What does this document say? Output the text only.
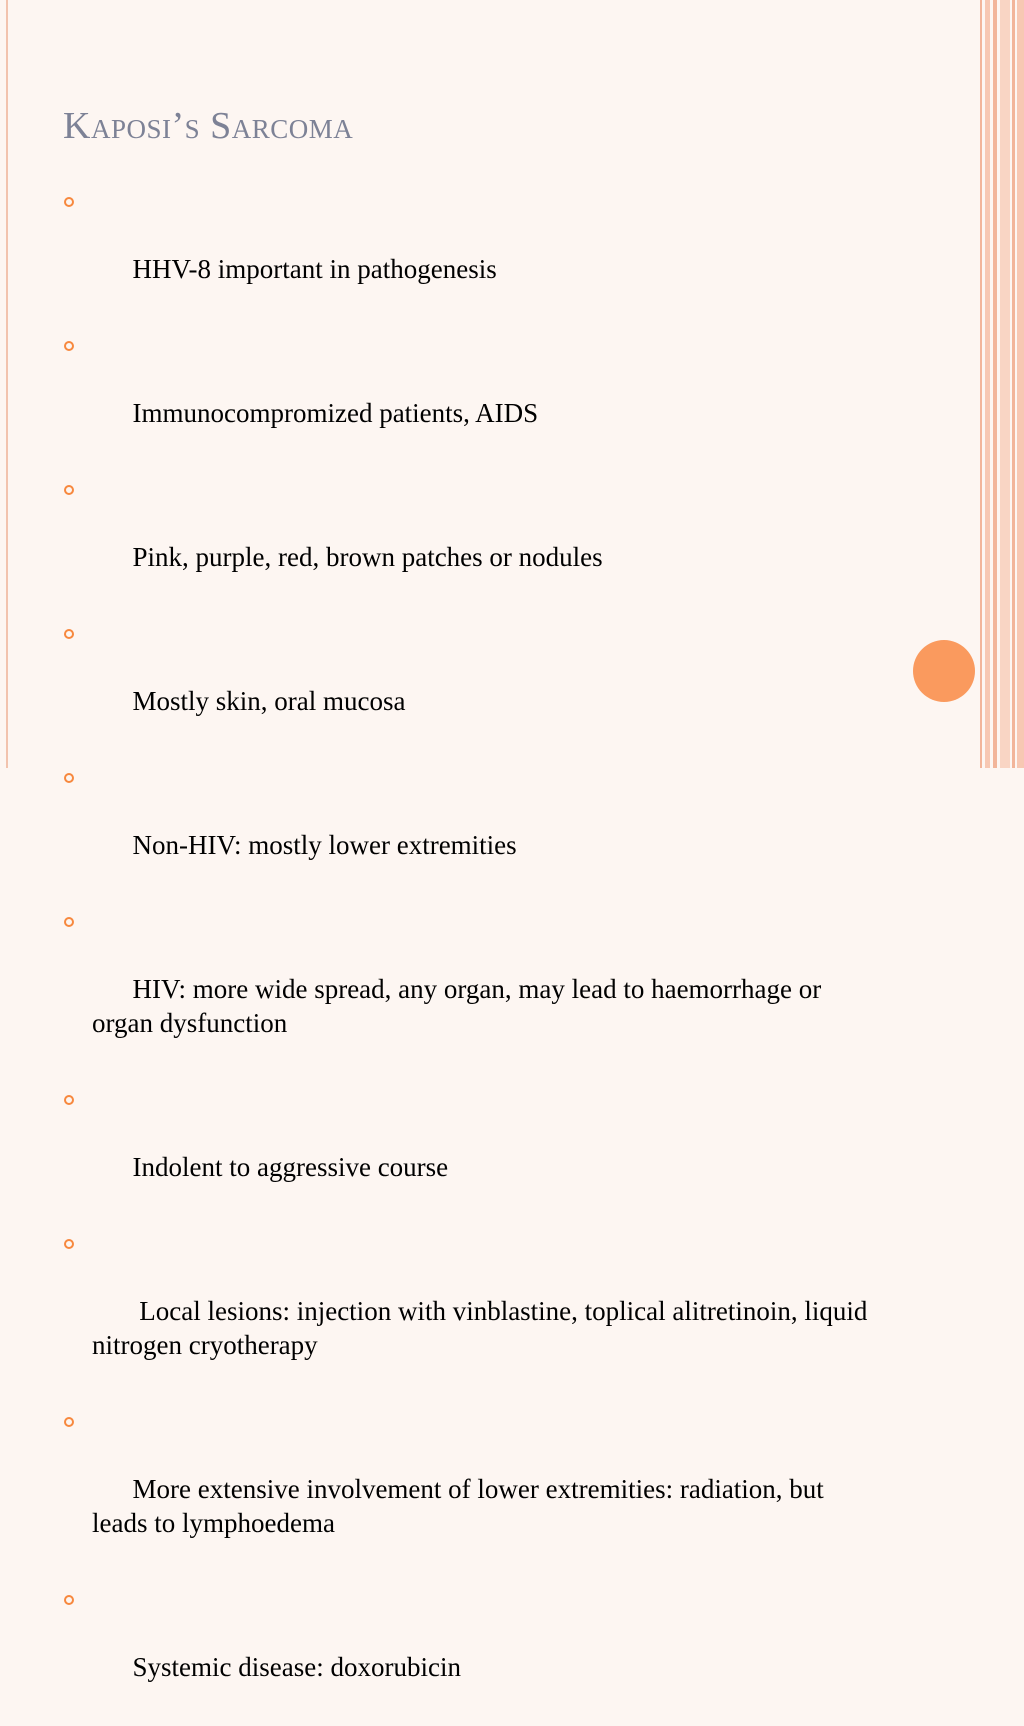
Kaposi’s Sarcoma

HHV-8 important in pathogenesis

Immunocompromized patients, AIDS

Pink, purple, red, brown patches or nodules

Mostly skin, oral mucosa

Non-HIV: mostly lower extremities

HIV: more wide spread, any organ, may lead to haemorrhage or organ dysfunction

Indolent to aggressive course

Local lesions: injection with vinblastine, toplical alitretinoin, liquid nitrogen cryotherapy

More extensive involvement of lower extremities: radiation, but leads to lymphoedema

Systemic disease: doxorubicin
